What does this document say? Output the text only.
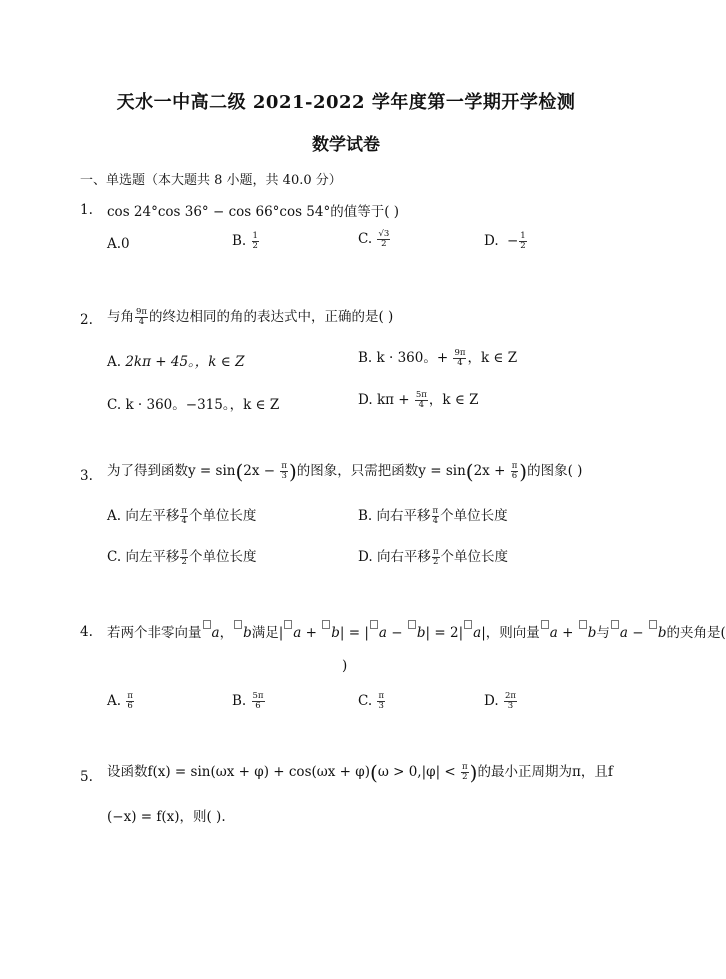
天水一中高二级 2021-2022 学年度第一学期开学检测
数学试卷
一、单选题（本大题共 8 小题，共 40.0 分）
1. cos 24°cos 36° − cos 66°cos 54°的值等于( )
A.0	B. $\frac{1}{2}$	C. $\frac{√3}{2}$	D. − $\frac{1}{2}$
2. 与角 $\frac{9\pi}{4}$ 的终边相同的角的表达式中，正确的是( )
A. 2kπ + 45。，k ∈ Z	B. k · 360。+ $\frac{9\pi}{4}$ ，k ∈ Z
C. k · 360。−315。，k ∈ Z	D. $k\pi + \frac{5\pi}{4}$ ，k ∈ Z
3. 为了得到函数$y = \sin(2x - \frac{\pi}{3}$ )的图象，只需把函数$y = \sin(2x + \frac{\pi}{6}$ )的图象( )
A. 向左平移 $\frac{\pi}{4}$ 个单位长度	B. 向右平移 $\frac{\pi}{4}$ 个单位长度
C. 向左平移 $\frac{\pi}{2}$ 个单位长度	D. 向右平移 $\frac{\pi}{2}$ 个单位长度
4. 若两个非零向量 a， b满足| a + b| = | a − b| = 2| a|，则向量 a + b与 a − b的夹角是(
)
A. $\frac{\pi}{6}$	B. $\frac{5\pi}{6}$	C. $\frac{\pi}{3}$	D. $\frac{2\pi}{3}$
5. 设函数$f(x) = \sin(\omega x + \varphi) + \cos(\omega x + \varphi)(\omega > 0,|\varphi| < \frac{\pi}{2}$ )的最小正周期为π，且f
(−x) = f(x)，则( ).
